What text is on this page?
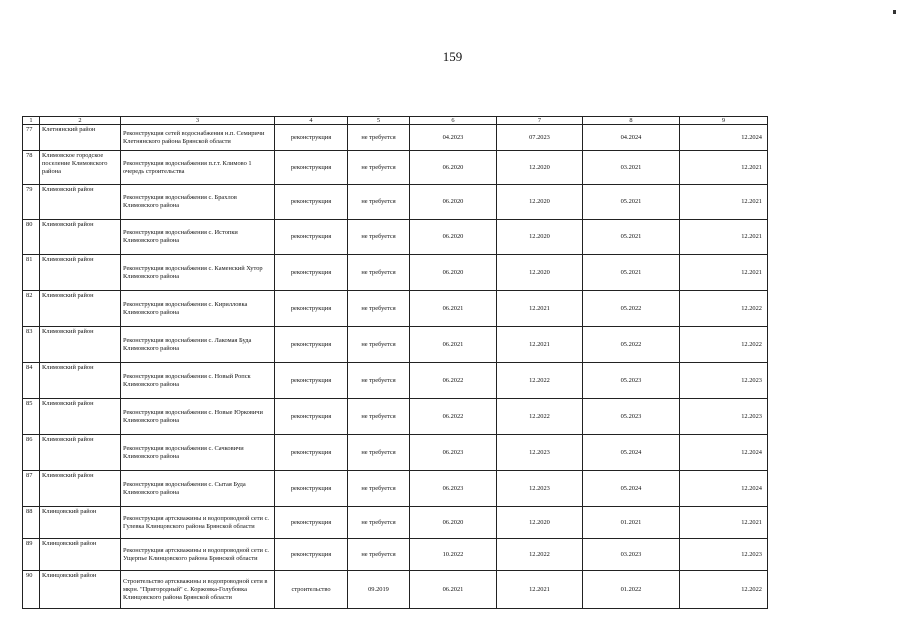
159
1	2	3	4	5	6	7	8	9
77	Клетнянский район	Реконструкция сетей водоснабжения н.п. Семиричи Клетнянского района Брянской области	реконструкция	не требуется	04.2023	07.2023	04.2024	12.2024
78	Климовское городское поселение Климовского района	Реконструкция водоснабжения п.г.т. Климово 1 очередь строительства	реконструкция	не требуется	06.2020	12.2020	03.2021	12.2021
79	Климовский район	Реконструкция водоснабжения с. Брахлов Климовского района	реконструкция	не требуется	06.2020	12.2020	05.2021	12.2021
80	Климовский район	Реконструкция водоснабжения с. Истопки Климовского района	реконструкция	не требуется	06.2020	12.2020	05.2021	12.2021
81	Климовский район	Реконструкция водоснабжения с. Каменский Хутор Климовского района	реконструкция	не требуется	06.2020	12.2020	05.2021	12.2021
82	Климовский район	Реконструкция водоснабжения с. Кирилловка Климовского района	реконструкция	не требуется	06.2021	12.2021	05.2022	12.2022
83	Климовский район	Реконструкция водоснабжения с. Лакомая Буда Климовского района	реконструкция	не требуется	06.2021	12.2021	05.2022	12.2022
84	Климовский район	Реконструкция водоснабжения с. Новый Ропск Климовского района	реконструкция	не требуется	06.2022	12.2022	05.2023	12.2023
85	Климовский район	Реконструкция водоснабжения с. Новые Юрковичи Климовского района	реконструкция	не требуется	06.2022	12.2022	05.2023	12.2023
86	Климовский район	Реконструкция водоснабжения с. Сачковичи Климовского района	реконструкция	не требуется	06.2023	12.2023	05.2024	12.2024
87	Климовский район	Реконструкция водоснабжения с. Сытая Буда Климовского района	реконструкция	не требуется	06.2023	12.2023	05.2024	12.2024
88	Клинцовский район	Реконструкция артскважины и водопроводной сети с. Гулевка Клинцовского района Брянской области	реконструкция	не требуется	06.2020	12.2020	01.2021	12.2021
89	Клинцовский район	Реконструкция артскважины и водопроводной сети с. Ущерпье Клинцовского района Брянской области	реконструкция	не требуется	10.2022	12.2022	03.2023	12.2023
90	Клинцовский район	Строительство артскважины и водопроводной сети в мкрн. "Пригородный" с. Коржовка-Голубовка Клинцовского района Брянской области	строительство	09.2019	06.2021	12.2021	01.2022	12.2022
